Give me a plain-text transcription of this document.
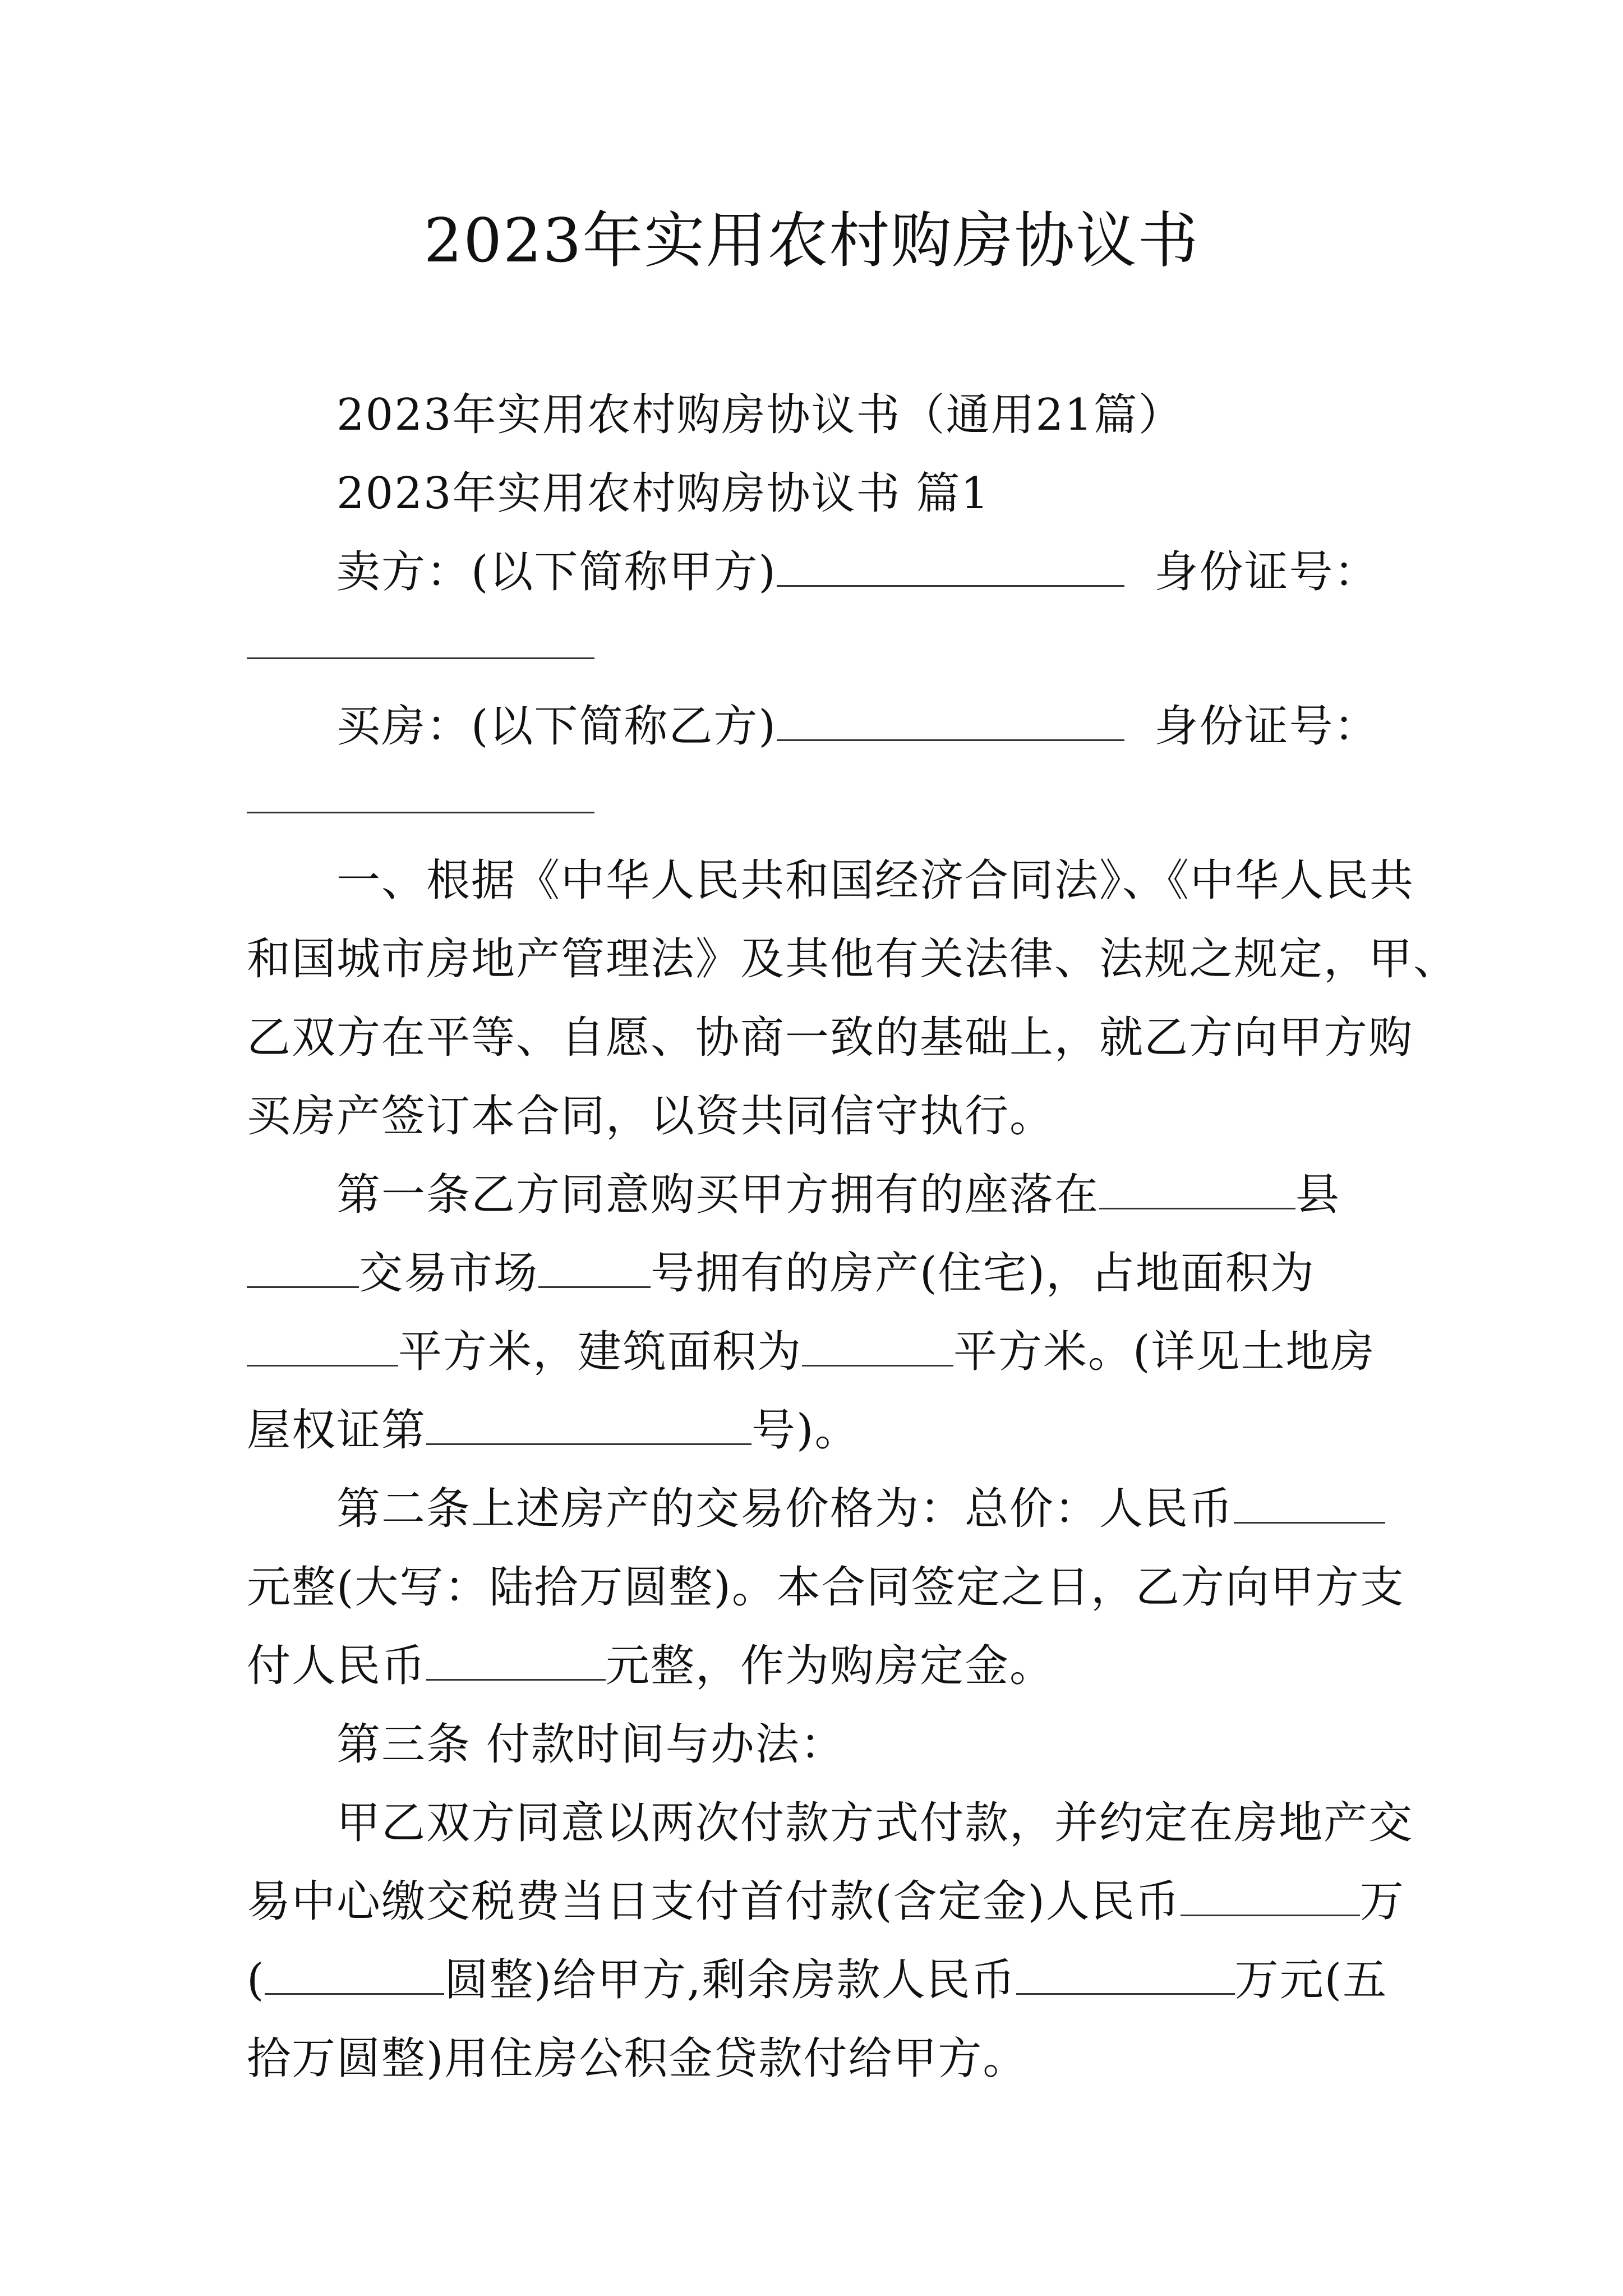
2023年实用农村购房协议书
2023年实用农村购房协议书（通用21篇）
2023年实用农村购房协议书 篇1
卖方：(以下简称甲方)	身份证号：
买房：(以下简称乙方)	身份证号：
一、根据《中华人民共和国经济合同法》、《中华人民共
和国城市房地产管理法》及其他有关法律、法规之规定，甲、
乙双方在平等、自愿、协商一致的基础上，就乙方向甲方购
买房产签订本合同，以资共同信守执行。
第一条乙方同意购买甲方拥有的座落在	县
交易市场	号拥有的房产(住宅)，占地面积为
平方米，建筑面积为	平方米。(详见土地房
屋权证第	号)。
第二条上述房产的交易价格为：总价：人民币
元整(大写：陆拾万圆整)。本合同签定之日，乙方向甲方支
付人民币	元整，作为购房定金。
第三条 付款时间与办法：
甲乙双方同意以两次付款方式付款，并约定在房地产交
易中心缴交税费当日支付首付款(含定金)人民币	万
(	圆整)给甲方,剩余房款人民币	万元(五
拾万圆整)用住房公积金贷款付给甲方。
